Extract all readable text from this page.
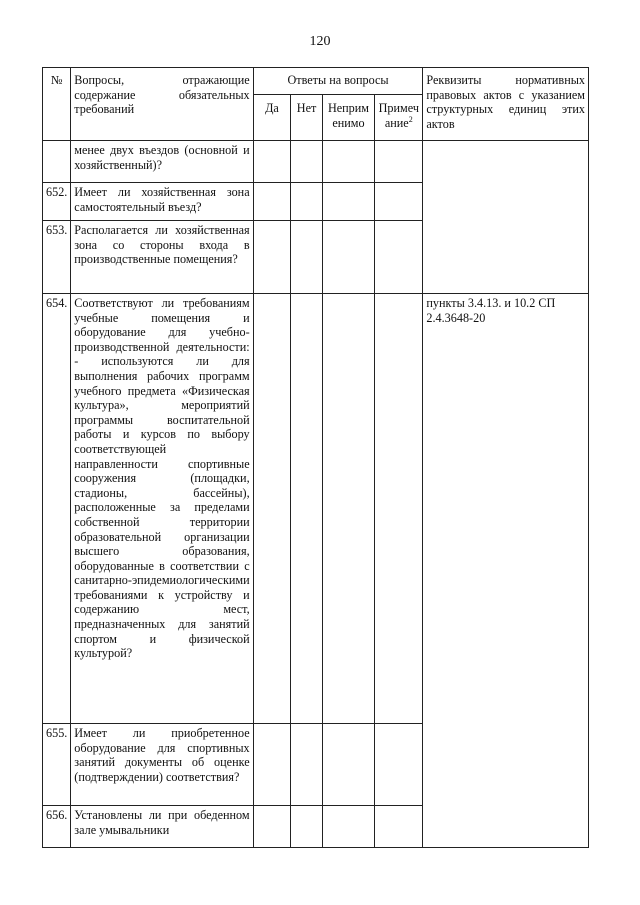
120
№	Вопросы, отражающие содержание обязательных требований	Ответы на вопросы				Реквизиты нормативных правовых актов с указанием структурных единиц этих актов
		Да	Нет	Неприм
енимо	Примеч
ание$^2$
	менее двух въездов (основной и хозяйственный)?					
652.	Имеет ли хозяйственная зона самостоятельный въезд?					
653.	Располагается ли хозяйственная зона со стороны входа в производственные помещения?					
654.	Соответствуют ли требованиям учебные помещения и оборудование для учебно-производственной деятельности: - используются ли для выполнения рабочих программ учебного предмета «Физическая культура», мероприятий программы воспитательной работы и курсов по выбору соответствующей направленности спортивные сооружения (площадки, стадионы, бассейны), расположенные за пределами собственной территории образовательной организации высшего образования, оборудованные в соответствии с санитарно-эпидемиологическими требованиями к устройству и содержанию мест, предназначенных для занятий спортом и физической культурой?					пункты 3.4.13. и 10.2 СП 2.4.3648-20
655.	Имеет ли приобретенное оборудование для спортивных занятий документы об оценке (подтверждении) соответствия?					
656.	Установлены ли при обеденном зале умывальники					
